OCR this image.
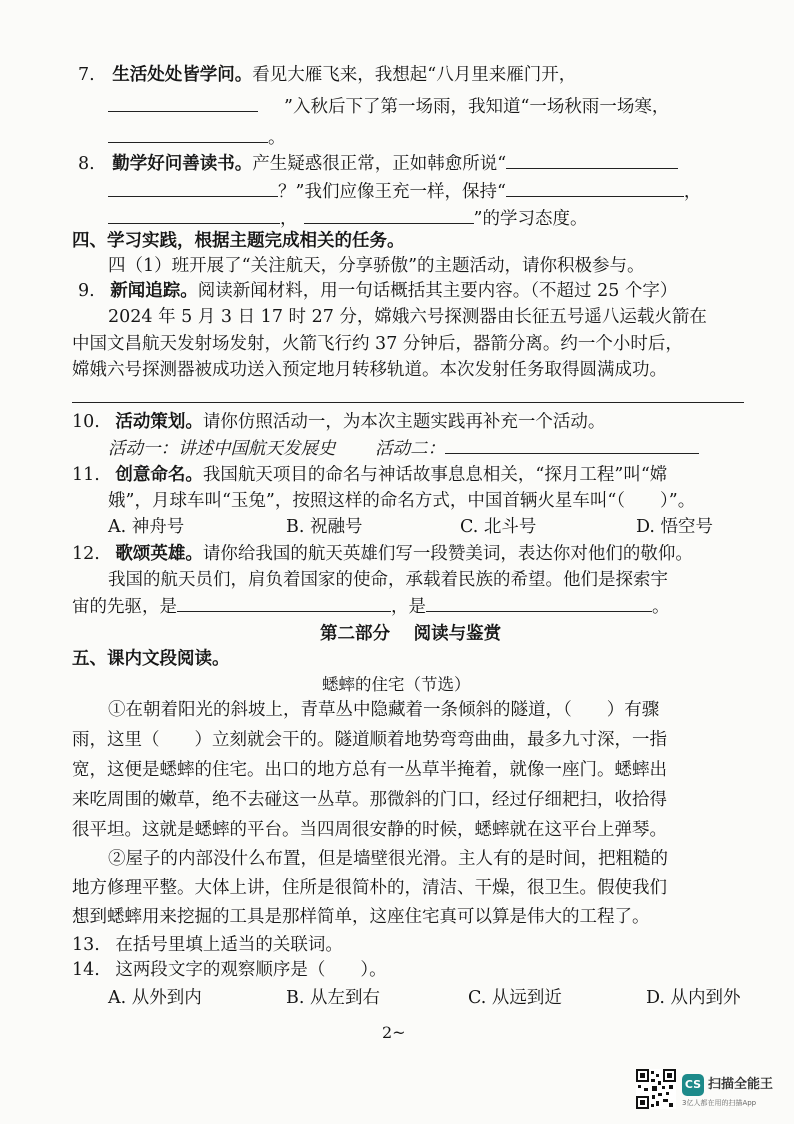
7. 生活处处皆学问。看见大雁飞来，我想起“八月里来雁门开，
”入秋后下了第一场雨，我知道“一场秋雨一场寒，
。
8. 勤学好问善读书。产生疑惑很正常，正如韩愈所说“
？”我们应像王充一样，保持“	，
，	”的学习态度。
四、学习实践，根据主题完成相关的任务。
四（1）班开展了“关注航天，分享骄傲”的主题活动，请你积极参与。
9. 新闻追踪。阅读新闻材料，用一句话概括其主要内容。（不超过 25 个字）
2024 年 5 月 3 日 17 时 27 分，嫦娥六号探测器由长征五号遥八运载火箭在
中国文昌航天发射场发射，火箭飞行约 37 分钟后，器箭分离。约一个小时后，
嫦娥六号探测器被成功送入预定地月转移轨道。本次发射任务取得圆满成功。
10. 活动策划。请你仿照活动一，为本次主题实践再补充一个活动。
活动一：讲述中国航天发展史 活动二：
11. 创意命名。我国航天项目的命名与神话故事息息相关，“探月工程”叫“嫦
娥”，月球车叫“玉兔”，按照这样的命名方式，中国首辆火星车叫“（　　）”。
A. 神舟号	B. 祝融号	C. 北斗号	D. 悟空号
12. 歌颂英雄。请你给我国的航天英雄们写一段赞美词，表达你对他们的敬仰。
我国的航天员们，肩负着国家的使命，承载着民族的希望。他们是探索宇
宙的先驱，是	，是	。
第二部分　 阅读与鉴赏
五、课内文段阅读。
蟋蟀的住宅（节选）
①在朝着阳光的斜坡上，青草丛中隐藏着一条倾斜的隧道，（　　）有骤
雨，这里（　　）立刻就会干的。隧道顺着地势弯弯曲曲，最多九寸深，一指
宽，这便是蟋蟀的住宅。出口的地方总有一丛草半掩着，就像一座门。蟋蟀出
来吃周围的嫩草，绝不去碰这一丛草。那微斜的门口，经过仔细耙扫，收拾得
很平坦。这就是蟋蟀的平台。当四周很安静的时候，蟋蟀就在这平台上弹琴。
②屋子的内部没什么布置，但是墙壁很光滑。主人有的是时间，把粗糙的
地方修理平整。大体上讲，住所是很简朴的，清洁、干燥，很卫生。假使我们
想到蟋蟀用来挖掘的工具是那样简单，这座住宅真可以算是伟大的工程了。
13. 在括号里填上适当的关联词。
14. 这两段文字的观察顺序是（　　）。
A. 从外到内	B. 从左到右	C. 从远到近	D. 从内到外
2~
CS 扫描全能王
3亿人都在用的扫描App
